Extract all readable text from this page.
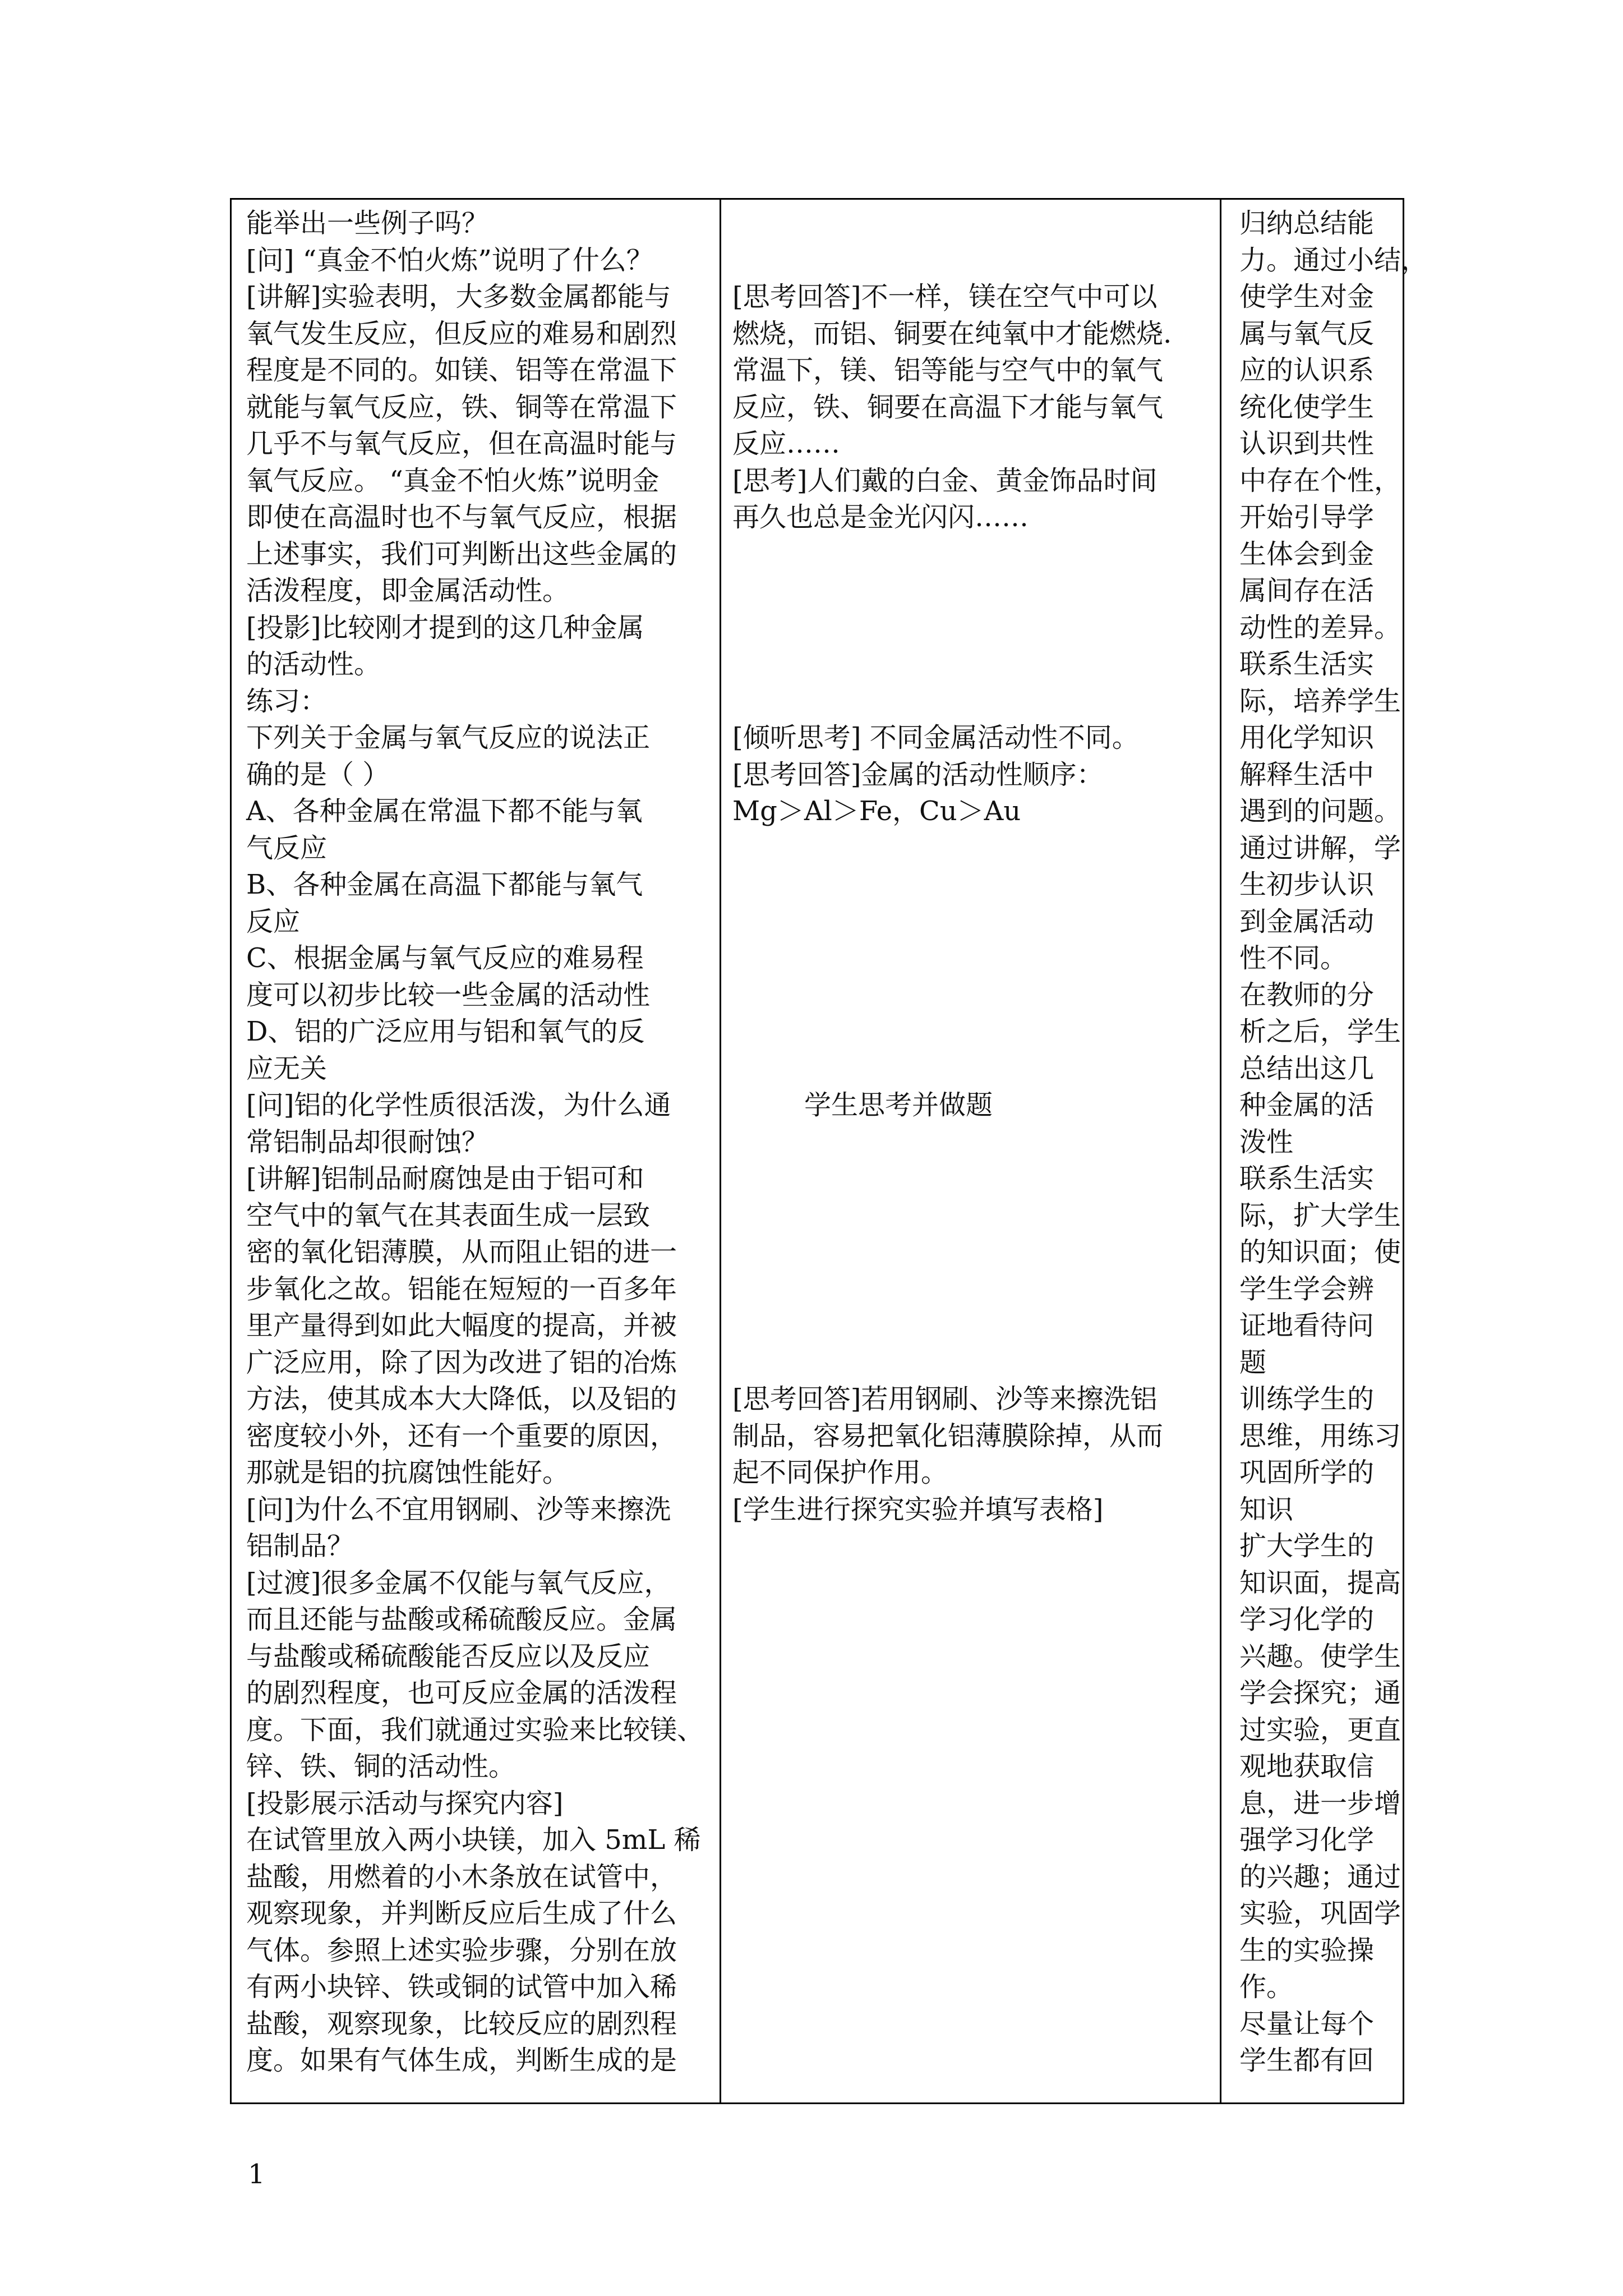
能举出一些例子吗？

[问] “真金不怕火炼”说明了什么？

[讲解]实验表明，大多数金属都能与

氧气发生反应，但反应的难易和剧烈

程度是不同的。如镁、铝等在常温下

就能与氧气反应，铁、铜等在常温下

几乎不与氧气反应，但在高温时能与

氧气反应。 “真金不怕火炼”说明金

即使在高温时也不与氧气反应，根据

上述事实，我们可判断出这些金属的

活泼程度，即金属活动性。

[投影]比较刚才提到的这几种金属

的活动性。

练习：

下列关于金属与氧气反应的说法正

确的是（ ）

A、各种金属在常温下都不能与氧

气反应

B、各种金属在高温下都能与氧气

反应

C、根据金属与氧气反应的难易程

度可以初步比较一些金属的活动性

D、铝的广泛应用与铝和氧气的反

应无关

[问]铝的化学性质很活泼，为什么通

常铝制品却很耐蚀？

[讲解]铝制品耐腐蚀是由于铝可和

空气中的氧气在其表面生成一层致

密的氧化铝薄膜，从而阻止铝的进一

步氧化之故。铝能在短短的一百多年

里产量得到如此大幅度的提高，并被

广泛应用，除了因为改进了铝的冶炼

方法，使其成本大大降低，以及铝的

密度较小外，还有一个重要的原因，

那就是铝的抗腐蚀性能好。

[问]为什么不宜用钢刷、沙等来擦洗

铝制品？

[过渡]很多金属不仅能与氧气反应，

而且还能与盐酸或稀硫酸反应。金属

与盐酸或稀硫酸能否反应以及反应

的剧烈程度，也可反应金属的活泼程

度。下面，我们就通过实验来比较镁、

锌、铁、铜的活动性。

[投影展示活动与探究内容]

在试管里放入两小块镁，加入 5mL 稀

盐酸，用燃着的小木条放在试管中，

观察现象，并判断反应后生成了什么

气体。参照上述实验步骤，分别在放

有两小块锌、铁或铜的试管中加入稀

盐酸，观察现象，比较反应的剧烈程

度。如果有气体生成，判断生成的是

[思考回答]不一样，镁在空气中可以

燃烧，而铝、铜要在纯氧中才能燃烧.

常温下，镁、铝等能与空气中的氧气

反应，铁、铜要在高温下才能与氧气

反应……

[思考]人们戴的白金、黄金饰品时间

再久也总是金光闪闪……

[倾听思考] 不同金属活动性不同。

[思考回答]金属的活动性顺序：

Mg＞Al＞Fe，Cu＞Au

学生思考并做题

[思考回答]若用钢刷、沙等来擦洗铝

制品，容易把氧化铝薄膜除掉，从而

起不同保护作用。

[学生进行探究实验并填写表格]

归纳总结能

力。通过小结，

使学生对金

属与氧气反

应的认识系

统化使学生

认识到共性

中存在个性，

开始引导学

生体会到金

属间存在活

动性的差异。

联系生活实

际，培养学生

用化学知识

解释生活中

遇到的问题。

通过讲解，学

生初步认识

到金属活动

性不同。

在教师的分

析之后，学生

总结出这几

种金属的活

泼性

联系生活实

际，扩大学生

的知识面；使

学生学会辨

证地看待问

题

训练学生的

思维，用练习

巩固所学的

知识

扩大学生的

知识面，提高

学习化学的

兴趣。使学生

学会探究；通

过实验，更直

观地获取信

息，进一步增

强学习化学

的兴趣；通过

实验，巩固学

生的实验操

作。

尽量让每个

学生都有回

1
